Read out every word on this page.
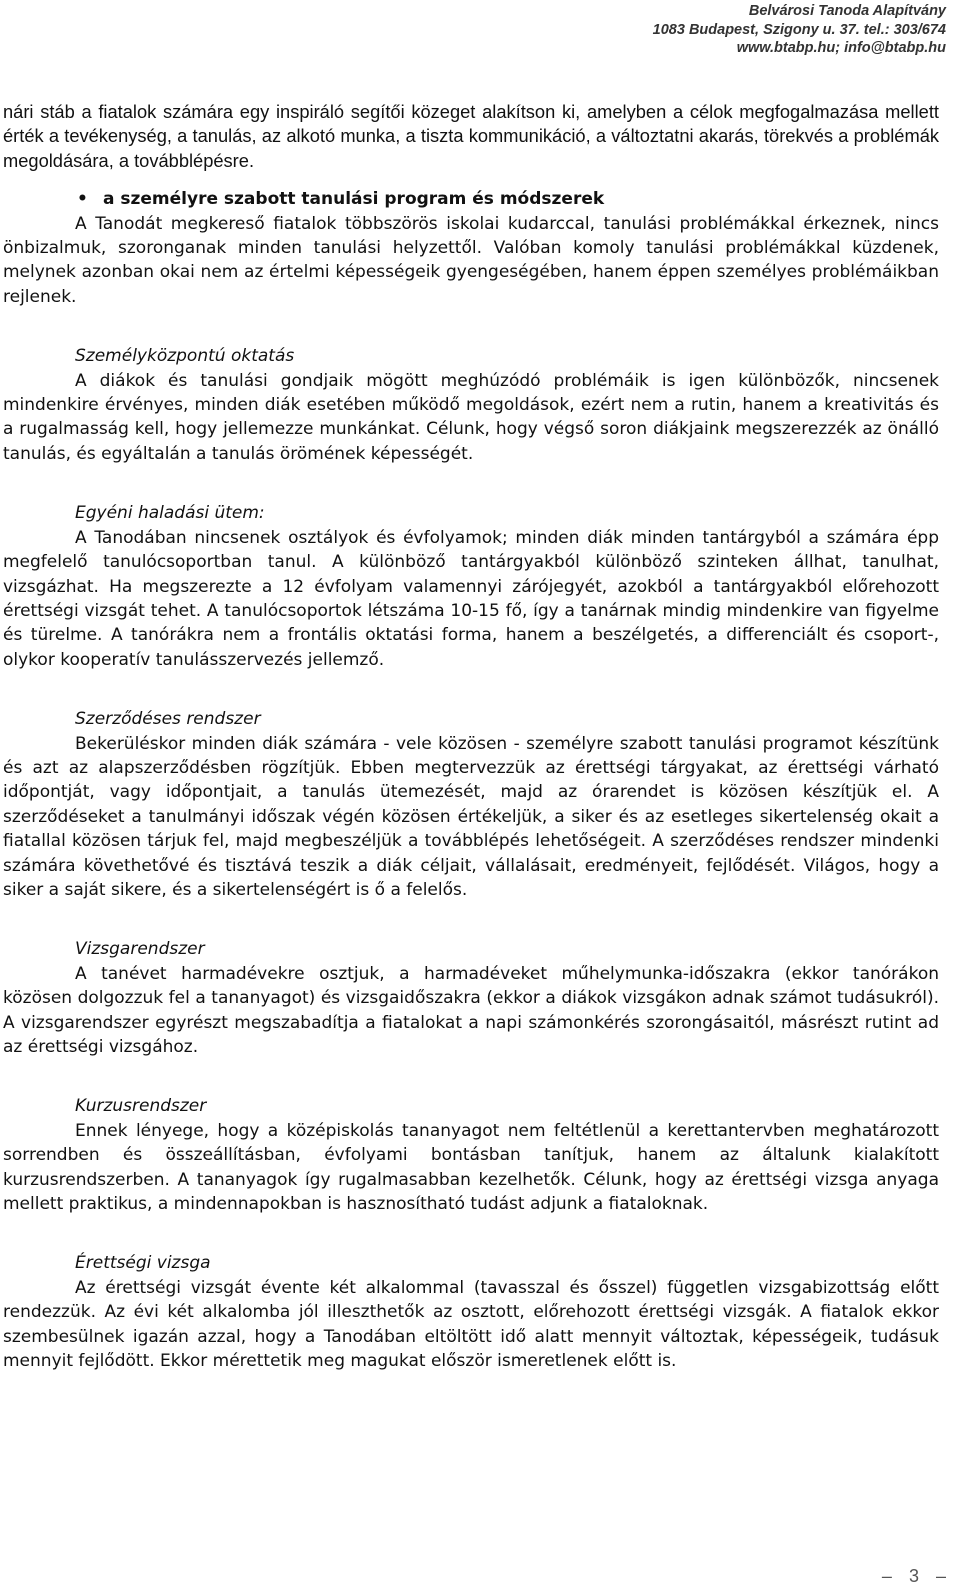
Belvárosi Tanoda Alapítvány
1083 Budapest, Szigony u. 37. tel.: 303/674
www.btabp.hu; info@btabp.hu

nári stáb a fiatalok számára egy inspiráló segítői közeget alakítson ki, amelyben a célok megfogalmazása mellett érték a tevékenység, a tanulás, az alkotó munka, a tiszta kommunikáció, a változtatni akarás, törekvés a problémák megoldására, a továbblépésre.

• a személyre szabott tanulási program és módszerek

A Tanodát megkereső fiatalok többszörös iskolai kudarccal, tanulási problémákkal érkeznek, nincs önbizalmuk, szoronganak minden tanulási helyzettől. Valóban komoly tanulási problémákkal küzdenek, melynek azonban okai nem az értelmi képességeik gyengeségében, hanem éppen személyes problémáikban rejlenek.

Személyközpontú oktatás

A diákok és tanulási gondjaik mögött meghúzódó problémáik is igen különbözők, nincsenek mindenkire érvényes, minden diák esetében működő megoldások, ezért nem a rutin, hanem a kreativitás és a rugalmasság kell, hogy jellemezze munkánkat. Célunk, hogy végső soron diákjaink megszerezzék az önálló tanulás, és egyáltalán a tanulás örömének képességét.

Egyéni haladási ütem:

A Tanodában nincsenek osztályok és évfolyamok; minden diák minden tantárgyból a számára épp megfelelő tanulócsoportban tanul. A különböző tantárgyakból különböző szinteken állhat, tanulhat, vizsgázhat. Ha megszerezte a 12 évfolyam valamennyi zárójegyét, azokból a tantárgyakból előrehozott érettségi vizsgát tehet. A tanulócsoportok létszáma 10-15 fő, így a tanárnak mindig mindenkire van figyelme és türelme. A tanórákra nem a frontális oktatási forma, hanem a beszélgetés, a differenciált és csoport-, olykor kooperatív tanulásszervezés jellemző.

Szerződéses rendszer

Bekerüléskor minden diák számára - vele közösen - személyre szabott tanulási programot készítünk és azt az alapszerződésben rögzítjük. Ebben megtervezzük az érettségi tárgyakat, az érettségi várható időpontját, vagy időpontjait, a tanulás ütemezését, majd az órarendet is közösen készítjük el. A szerződéseket a tanulmányi időszak végén közösen értékeljük, a siker és az esetleges sikertelenség okait a fiatallal közösen tárjuk fel, majd megbeszéljük a továbblépés lehetőségeit. A szerződéses rendszer mindenki számára követhetővé és tisztává teszik a diák céljait, vállalásait, eredményeit, fejlődését. Világos, hogy a siker a saját sikere, és a sikertelenségért is ő a felelős.

Vizsgarendszer

A tanévet harmadévekre osztjuk, a harmadéveket műhelymunka-időszakra (ekkor tanórákon közösen dolgozzuk fel a tananyagot) és vizsgaidőszakra (ekkor a diákok vizsgákon adnak számot tudásukról). A vizsgarendszer egyrészt megszabadítja a fiatalokat a napi számonkérés szorongásaitól, másrészt rutint ad az érettségi vizsgához.

Kurzusrendszer

Ennek lényege, hogy a középiskolás tananyagot nem feltétlenül a kerettantervben meghatározott sorrendben és összeállításban, évfolyami bontásban tanítjuk, hanem az általunk kialakított kurzusrendszerben. A tananyagok így rugalmasabban kezelhetők. Célunk, hogy az érettségi vizsga anyaga mellett praktikus, a mindennapokban is hasznosítható tudást adjunk a fiataloknak.

Érettségi vizsga

Az érettségi vizsgát évente két alkalommal (tavasszal és ősszel) független vizsgabizottság előtt rendezzük. Az évi két alkalomba jól illeszthetők az osztott, előrehozott érettségi vizsgák. A fiatalok ekkor szembesülnek igazán azzal, hogy a Tanodában eltöltött idő alatt mennyit változtak, képességeik, tudásuk mennyit fejlődött. Ekkor mérettetik meg magukat először ismeretlenek előtt is.

– 3 –
